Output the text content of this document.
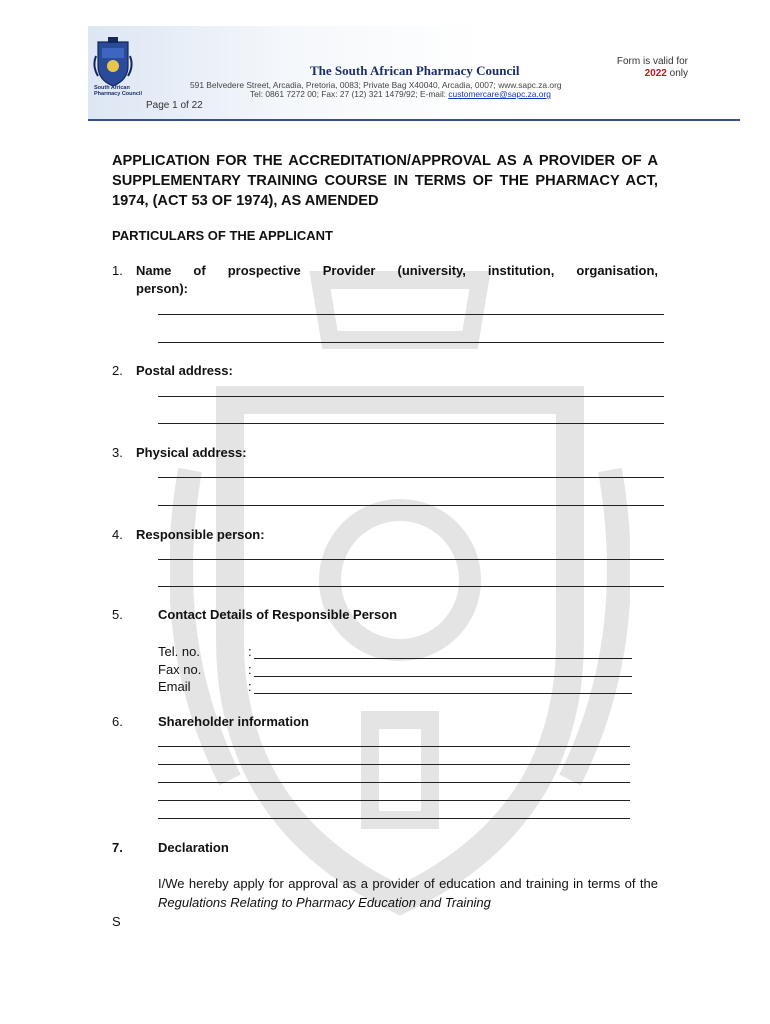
South African
Pharmacy Council
The South African Pharmacy Council
591 Belvedere Street, Arcadia, Pretoria, 0083; Private Bag X40040, Arcadia, 0007; www.sapc.za.org
Tel: 0861 7272 00; Fax: 27 (12) 321 1479/92; E-mail: customercare@sapc.za.org
Page 1 of 22
Form is valid for
2022 only
APPLICATION FOR THE ACCREDITATION/APPROVAL AS A PROVIDER OF A SUPPLEMENTARY TRAINING COURSE IN TERMS OF THE PHARMACY ACT, 1974, (ACT 53 OF 1974), AS AMENDED
PARTICULARS OF THE APPLICANT
1. Name of prospective Provider (university, institution, organisation,
person):
2. Postal address:
3. Physical address:
4. Responsible person:
5.	Contact Details of Responsible Person
Tel. no.	:
Fax no.	:
Email	:
6.	Shareholder information
7.	Declaration
I/We hereby apply for approval as a provider of education and training in terms of the Regulations Relating to Pharmacy Education and Training
S
